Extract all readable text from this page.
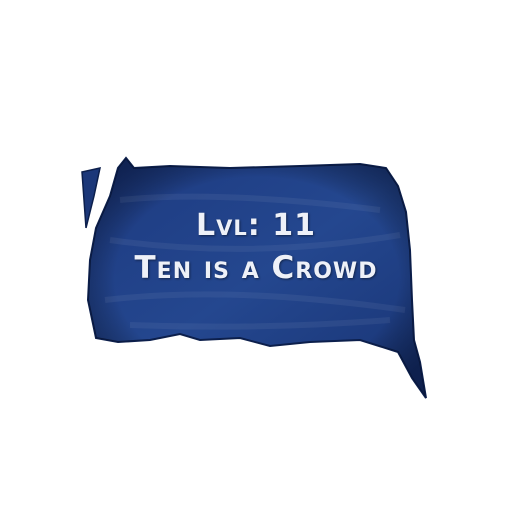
Lvl: 11
Ten is a Crowd
